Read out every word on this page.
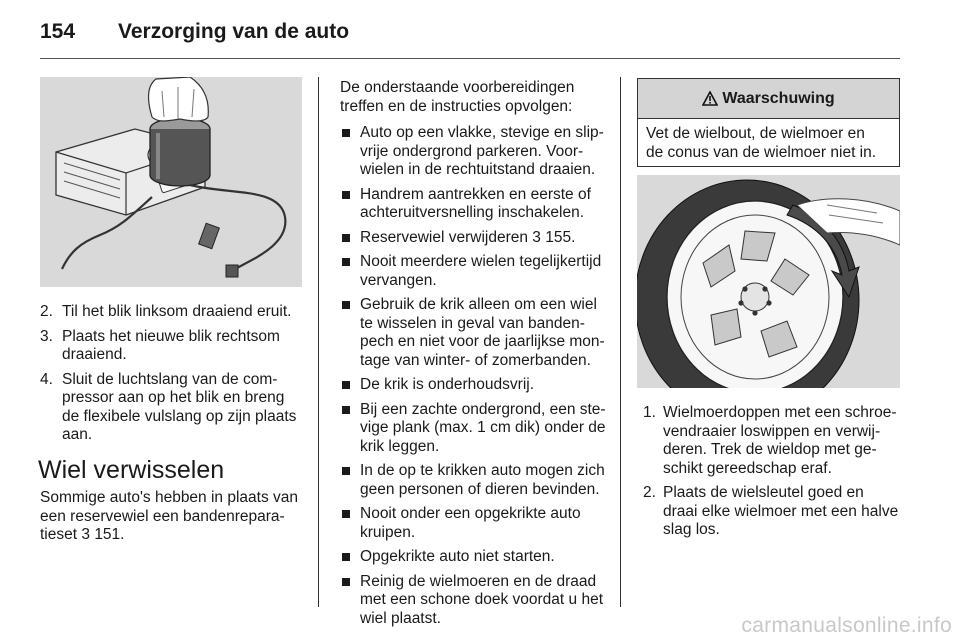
154 Verzorging van de auto
2. Til het blik linksom draaiend eruit.
3. Plaats het nieuwe blik rechtsom
draaiend.
4. Sluit de luchtslang van de com-
pressor aan op het blik en breng
de flexibele vulslang op zijn plaats
aan.
Wiel verwisselen
Sommige auto's hebben in plaats van
een reservewiel een bandenrepara-
tieset 3 151.
De onderstaande voorbereidingen
treffen en de instructies opvolgen:
Auto op een vlakke, stevige en slip-
vrije ondergrond parkeren. Voor-
wielen in de rechtuitstand draaien.
Handrem aantrekken en eerste of
achteruitversnelling inschakelen.
Reservewiel verwijderen 3 155.
Nooit meerdere wielen tegelijkertijd
vervangen.
Gebruik de krik alleen om een wiel
te wisselen in geval van banden-
pech en niet voor de jaarlijkse mon-
tage van winter- of zomerbanden.
De krik is onderhoudsvrij.
Bij een zachte ondergrond, een ste-
vige plank (max. 1 cm dik) onder de
krik leggen.
In de op te krikken auto mogen zich
geen personen of dieren bevinden.
Nooit onder een opgekrikte auto
kruipen.
Opgekrikte auto niet starten.
Reinig de wielmoeren en de draad
met een schone doek voordat u het
wiel plaatst.
Waarschuwing
Vet de wielbout, de wielmoer en
de conus van de wielmoer niet in.
1. Wielmoerdoppen met een schroe-
vendraaier loswippen en verwij-
deren. Trek de wieldop met ge-
schikt gereedschap eraf.
2. Plaats de wielsleutel goed en
draai elke wielmoer met een halve
slag los.
carmanualsonline.info
